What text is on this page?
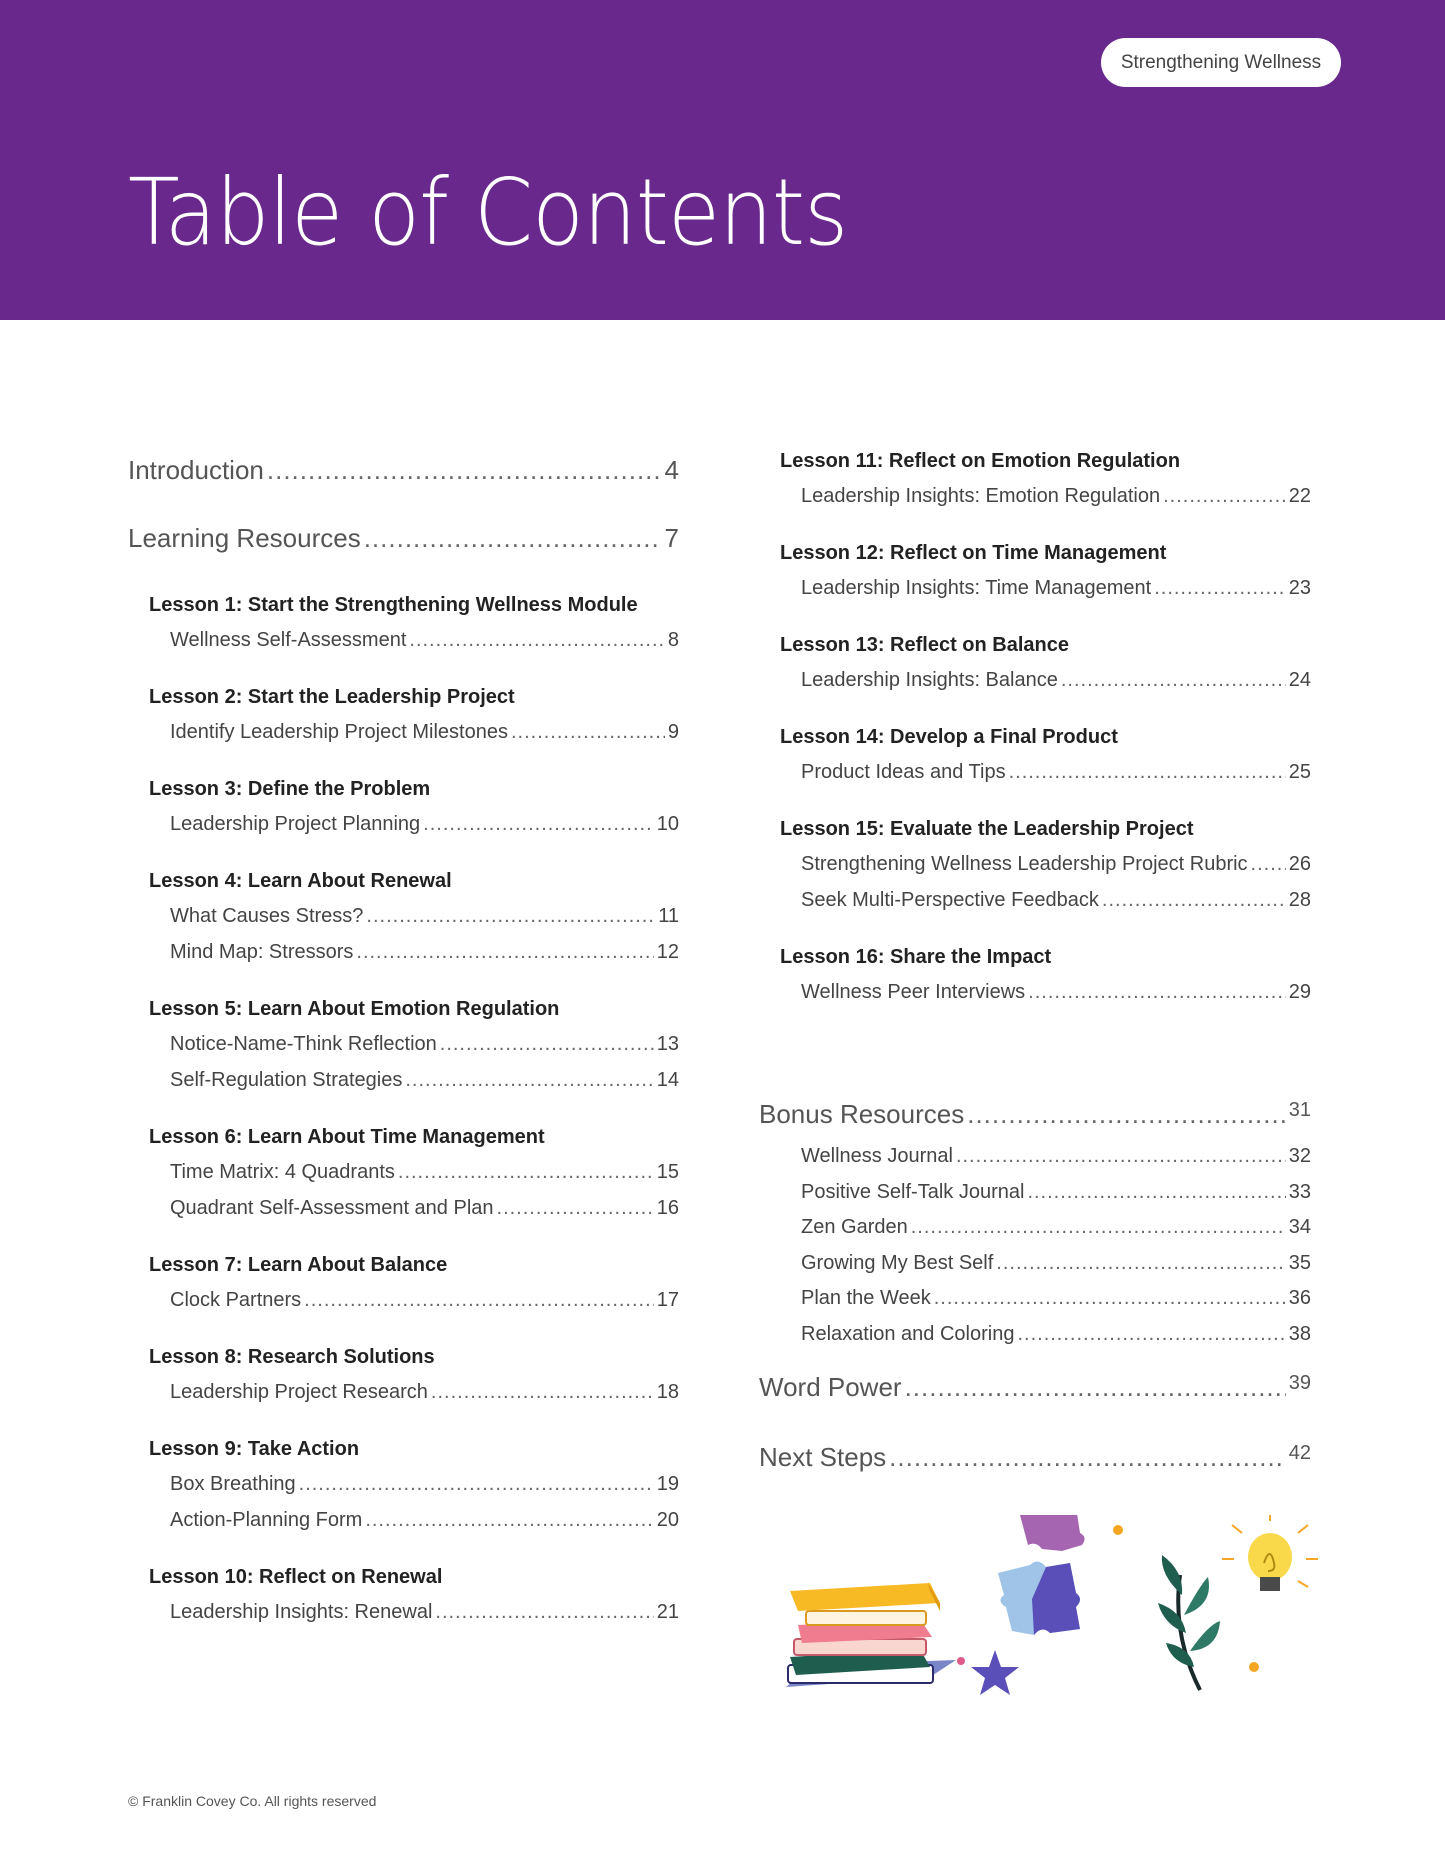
Strengthening Wellness
Table of Contents
Introduction .....	4
Learning Resources .....	7
Lesson 1: Start the Strengthening Wellness Module
Wellness Self-Assessment .....	8
Lesson 2: Start the Leadership Project
Identify Leadership Project Milestones .....	9
Lesson 3: Define the Problem
Leadership Project Planning .....	10
Lesson 4: Learn About Renewal
What Causes Stress? .....	11
Mind Map: Stressors .....	12
Lesson 5: Learn About Emotion Regulation
Notice-Name-Think Reflection .....	13
Self-Regulation Strategies .....	14
Lesson 6: Learn About Time Management
Time Matrix: 4 Quadrants .....	15
Quadrant Self-Assessment and Plan .....	16
Lesson 7: Learn About Balance
Clock Partners .....	17
Lesson 8: Research Solutions
Leadership Project Research .....	18
Lesson 9: Take Action
Box Breathing .....	19
Action-Planning Form .....	20
Lesson 10: Reflect on Renewal
Leadership Insights: Renewal .....	21
Lesson 11: Reflect on Emotion Regulation
Leadership Insights: Emotion Regulation .....	22
Lesson 12: Reflect on Time Management
Leadership Insights: Time Management .....	23
Lesson 13: Reflect on Balance
Leadership Insights: Balance .....	24
Lesson 14: Develop a Final Product
Product Ideas and Tips .....	25
Lesson 15: Evaluate the Leadership Project
Strengthening Wellness Leadership Project Rubric ..... 26
Seek Multi-Perspective Feedback .....	28
Lesson 16: Share the Impact
Wellness Peer Interviews .....	29
Bonus Resources .....	31
Wellness Journal .....	32
Positive Self-Talk Journal .....	33
Zen Garden .....	34
Growing My Best Self .....	35
Plan the Week .....	36
Relaxation and Coloring .....	38
Word Power .....	39
Next Steps .....	42
© Franklin Covey Co. All rights reserved
